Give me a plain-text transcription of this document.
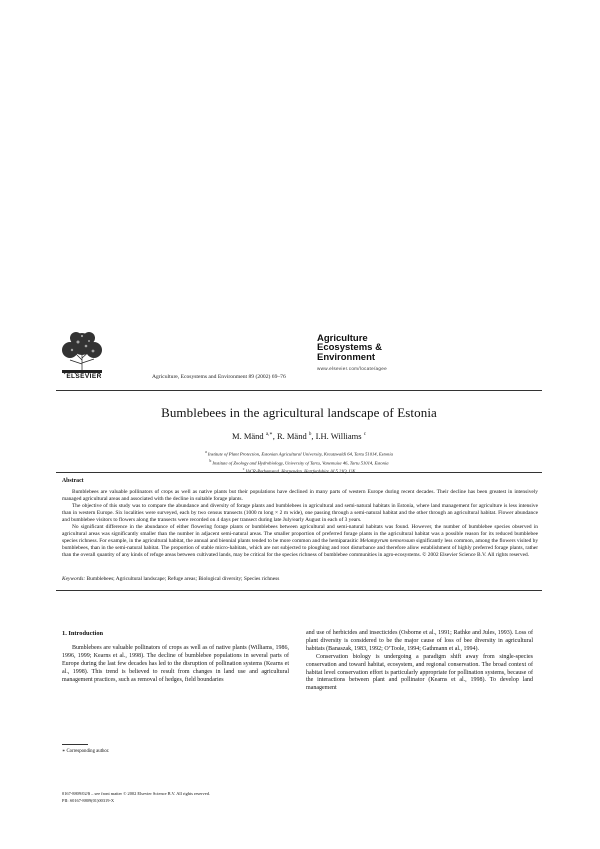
ELSEVIER	Agriculture, Ecosystems and Environment 89 (2002) 69–76
Agriculture
Ecosystems &
Environment
www.elsevier.com/locate/agee
Bumblebees in the agricultural landscape of Estonia
M. Mänd $^{a,∗}$, R. Mänd $^b$, I.H. Williams $^c$
$^a$ Institute of Plant Protection, Estonian Agricultural University, Kreutzwaldi 64, Tartu 51014, Estonia
$^b$ Institute of Zoology and Hydrobiology, University of Tartu, Vanemuise 46, Tartu 51014, Estonia
$^c$ IACR-Rothamsted, Harpenden, Hertfordshire AL5 2JQ, UK
Abstract

Bumblebees are valuable pollinators of crops as well as native plants but their populations have declined in many parts of western Europe during recent decades. Their decline has been greatest in intensively managed agricultural areas and associated with the decline in suitable forage plants.

The objective of this study was to compare the abundance and diversity of forage plants and bumblebees in agricultural and semi-natural habitats in Estonia, where land management for agriculture is less intensive than in western Europe. Six localities were surveyed, each by two census transects (1000 m long × 2 m wide), one passing through a semi-natural habitat and the other through an agricultural habitat. Flower abundance and bumblebee visitors to flowers along the transects were recorded on 4 days per transect during late July/early August in each of 3 years.

No significant difference in the abundance of either flowering forage plants or bumblebees between agricultural and semi-natural habitats was found. However, the number of bumblebee species observed in agricultural areas was significantly smaller than the number in adjacent semi-natural areas. The smaller proportion of preferred forage plants in the agricultural habitat was a possible reason for its reduced bumblebee species richness. For example, in the agricultural habitat, the annual and biennial plants tended to be more common and the hemiparasitic Melampyrum nemorosum significantly less common, among the flowers visited by bumblebees, than in the semi-natural habitat. The proportion of stable micro-habitats, which are not subjected to ploughing and root disturbance and therefore allow establishment of highly preferred forage plants, rather than the overall quantity of any kinds of refuge areas between cultivated lands, may be critical for the species richness of bumblebee communities in agro-ecosystems. © 2002 Elsevier Science B.V. All rights reserved.

Keywords: Bumblebees; Agricultural landscape; Refuge areas; Biological diversity; Species richness
1. Introduction

Bumblebees are valuable pollinators of crops as well as of native plants (Williams, 1986, 1996, 1999; Kearns et al., 1998). The decline of bumblebee populations in several parts of Europe during the last few decades has led to the disruption of pollination systems (Kearns et al., 1998). This trend is believed to result from changes in land use and agricultural management practices, such as removal of hedges, field boundaries

and use of herbicides and insecticides (Osborne et al., 1991; Rathke and Jules, 1993). Loss of plant diversity is considered to be the major cause of loss of bee diversity in agricultural habitats (Banaszak, 1983, 1992; O’Toole, 1994; Gathmann et al., 1994).

Conservation biology is undergoing a paradigm shift away from single-species conservation and toward habitat, ecosystem, and regional conservation. The broad context of habitat level conservation effort is particularly appropriate for pollination systems, because of the interactions between plant and pollinator (Kearns et al., 1998). To develop land management

∗ Corresponding author.
0167-8809/02/$ – see front matter © 2002 Elsevier Science B.V. All rights reserved.
PII: S0167-8809(01)00319-X
